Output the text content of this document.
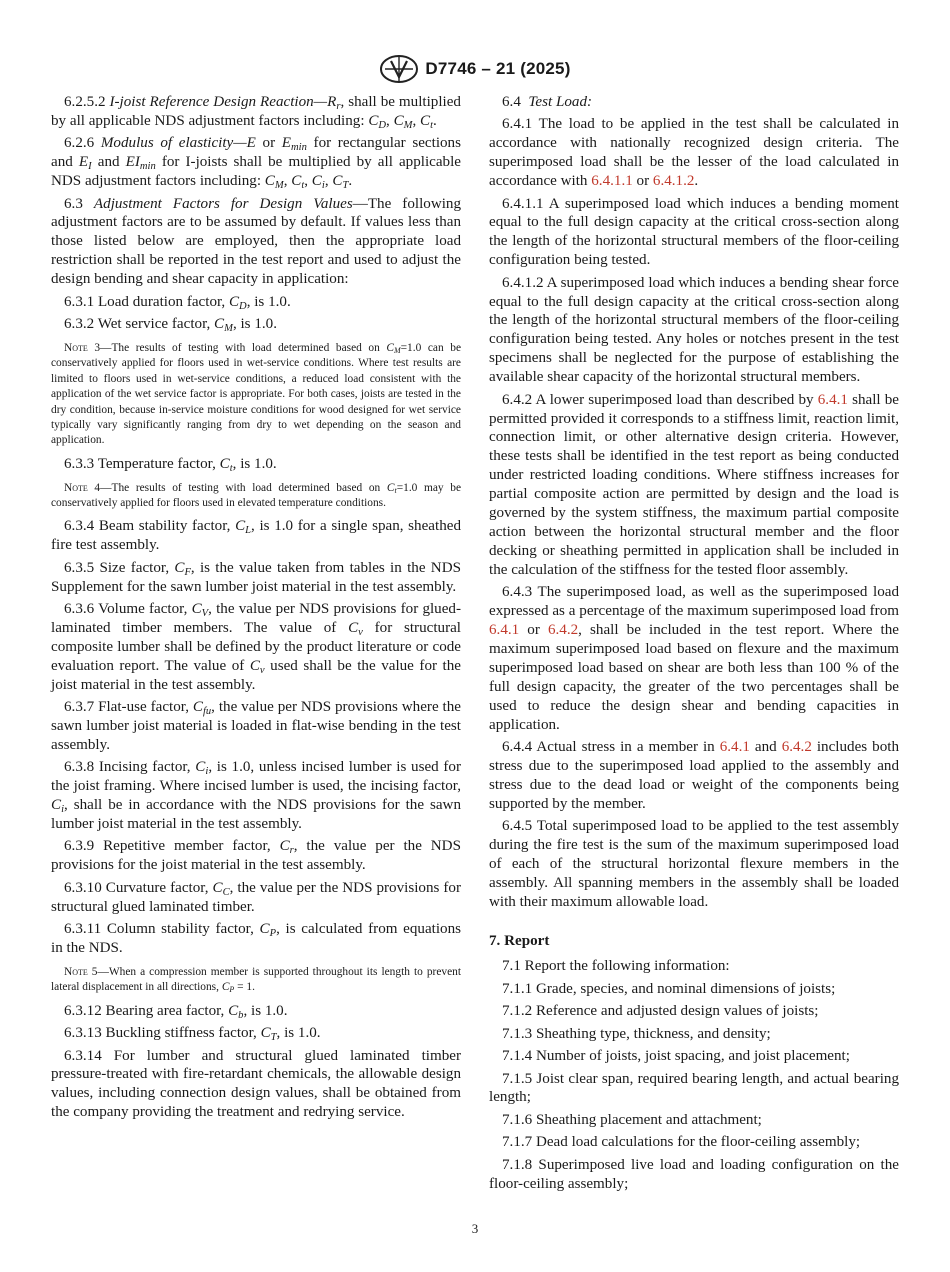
D7746 – 21 (2025)

6.2.5.2 I-joist Reference Design $Reaction—R_r$, shall be multiplied by all applicable NDS adjustment factors including: $C_D$, $C_M$, $C_t$.

6.2.6 Modulus of elasticity—E or $E_{min}$ for rectangular sections and $E_I$ and $EI_{min}$ for I-joists shall be multiplied by all applicable NDS adjustment factors including: $C_M$, $C_t$, $C_i$, $C_T$.

6.3 Adjustment Factors for Design Values—The following adjustment factors are to be assumed by default. If values less than those listed below are employed, then the appropriate load restriction shall be reported in the test report and used to adjust the design bending and shear capacity in application:

6.3.1 Load duration factor, $C_D$, is 1.0.

6.3.2 Wet service factor, $C_M$, is 1.0.

Note 3—The results of testing with load determined based on $C_M=1.0$ can be conservatively applied for floors used in wet-service conditions. Where test results are limited to floors used in wet-service conditions, a reduced load consistent with the application of the wet service factor is appropriate. For both cases, joists are tested in the dry condition, because in-service moisture conditions for wood designed for wet service typically vary significantly ranging from dry to wet depending on the season and application.

6.3.3 Temperature factor, $C_t$, is 1.0.

Note 4—The results of testing with load determined based on $C_t=1.0$ may be conservatively applied for floors used in elevated temperature conditions.

6.3.4 Beam stability factor, $C_L$, is 1.0 for a single span, sheathed fire test assembly.

6.3.5 Size factor, $C_F$, is the value taken from tables in the NDS Supplement for the sawn lumber joist material in the test assembly.

6.3.6 Volume factor, $C_V$, the value per NDS provisions for glued-laminated timber members. The value of $C_v$ for structural composite lumber shall be defined by the product literature or code evaluation report. The value of $C_v$ used shall be the value for the joist material in the test assembly.

6.3.7 Flat-use factor, $C_{fu}$, the value per NDS provisions where the sawn lumber joist material is loaded in flat-wise bending in the test assembly.

6.3.8 Incising factor, $C_i$, is 1.0, unless incised lumber is used for the joist framing. Where incised lumber is used, the incising factor, $C_i$, shall be in accordance with the NDS provisions for the sawn lumber joist material in the test assembly.

6.3.9 Repetitive member factor, $C_r$, the value per the NDS provisions for the joist material in the test assembly.

6.3.10 Curvature factor, $C_C$, the value per the NDS provisions for structural glued laminated timber.

6.3.11 Column stability factor, $C_P$, is calculated from equations in the NDS.

Note 5—When a compression member is supported throughout its length to prevent lateral displacement in all directions, $C_P = 1$.

6.3.12 Bearing area factor, $C_b$, is 1.0.

6.3.13 Buckling stiffness factor, $C_T$, is 1.0.

6.3.14 For lumber and structural glued laminated timber pressure-treated with fire-retardant chemicals, the allowable design values, including connection design values, shall be obtained from the company providing the treatment and redrying service.

6.4 Test Load:

6.4.1 The load to be applied in the test shall be calculated in accordance with nationally recognized design criteria. The superimposed load shall be the lesser of the load calculated in accordance with 6.4.1.1 or 6.4.1.2.

6.4.1.1 A superimposed load which induces a bending moment equal to the full design capacity at the critical cross-section along the length of the horizontal structural members of the floor-ceiling configuration being tested.

6.4.1.2 A superimposed load which induces a bending shear force equal to the full design capacity at the critical cross-section along the length of the horizontal structural members of the floor-ceiling configuration being tested. Any holes or notches present in the test specimens shall be neglected for the purpose of establishing the available shear capacity of the horizontal structural members.

6.4.2 A lower superimposed load than described by 6.4.1 shall be permitted provided it corresponds to a stiffness limit, reaction limit, connection limit, or other alternative design criteria. However, these tests shall be identified in the test report as being conducted under restricted loading conditions. Where stiffness increases for partial composite action are permitted by design and the load is governed by the system stiffness, the maximum partial composite action between the horizontal structural member and the floor decking or sheathing permitted in application shall be included in the calculation of the stiffness for the tested floor assembly.

6.4.3 The superimposed load, as well as the superimposed load expressed as a percentage of the maximum superimposed load from 6.4.1 or 6.4.2, shall be included in the test report. Where the maximum superimposed load based on flexure and the maximum superimposed load based on shear are both less than 100 % of the full design capacity, the greater of the two percentages shall be used to reduce the design shear and bending capacities in application.

6.4.4 Actual stress in a member in 6.4.1 and 6.4.2 includes both stress due to the superimposed load applied to the assembly and stress due to the dead load or weight of the components being supported by the member.

6.4.5 Total superimposed load to be applied to the test assembly during the fire test is the sum of the maximum superimposed load of each of the structural horizontal flexure members in the assembly. All spanning members in the assembly shall be loaded with their maximum allowable load.

7. Report

7.1 Report the following information:

7.1.1 Grade, species, and nominal dimensions of joists;

7.1.2 Reference and adjusted design values of joists;

7.1.3 Sheathing type, thickness, and density;

7.1.4 Number of joists, joist spacing, and joist placement;

7.1.5 Joist clear span, required bearing length, and actual bearing length;

7.1.6 Sheathing placement and attachment;

7.1.7 Dead load calculations for the floor-ceiling assembly;

7.1.8 Superimposed live load and loading configuration on the floor-ceiling assembly;

3
